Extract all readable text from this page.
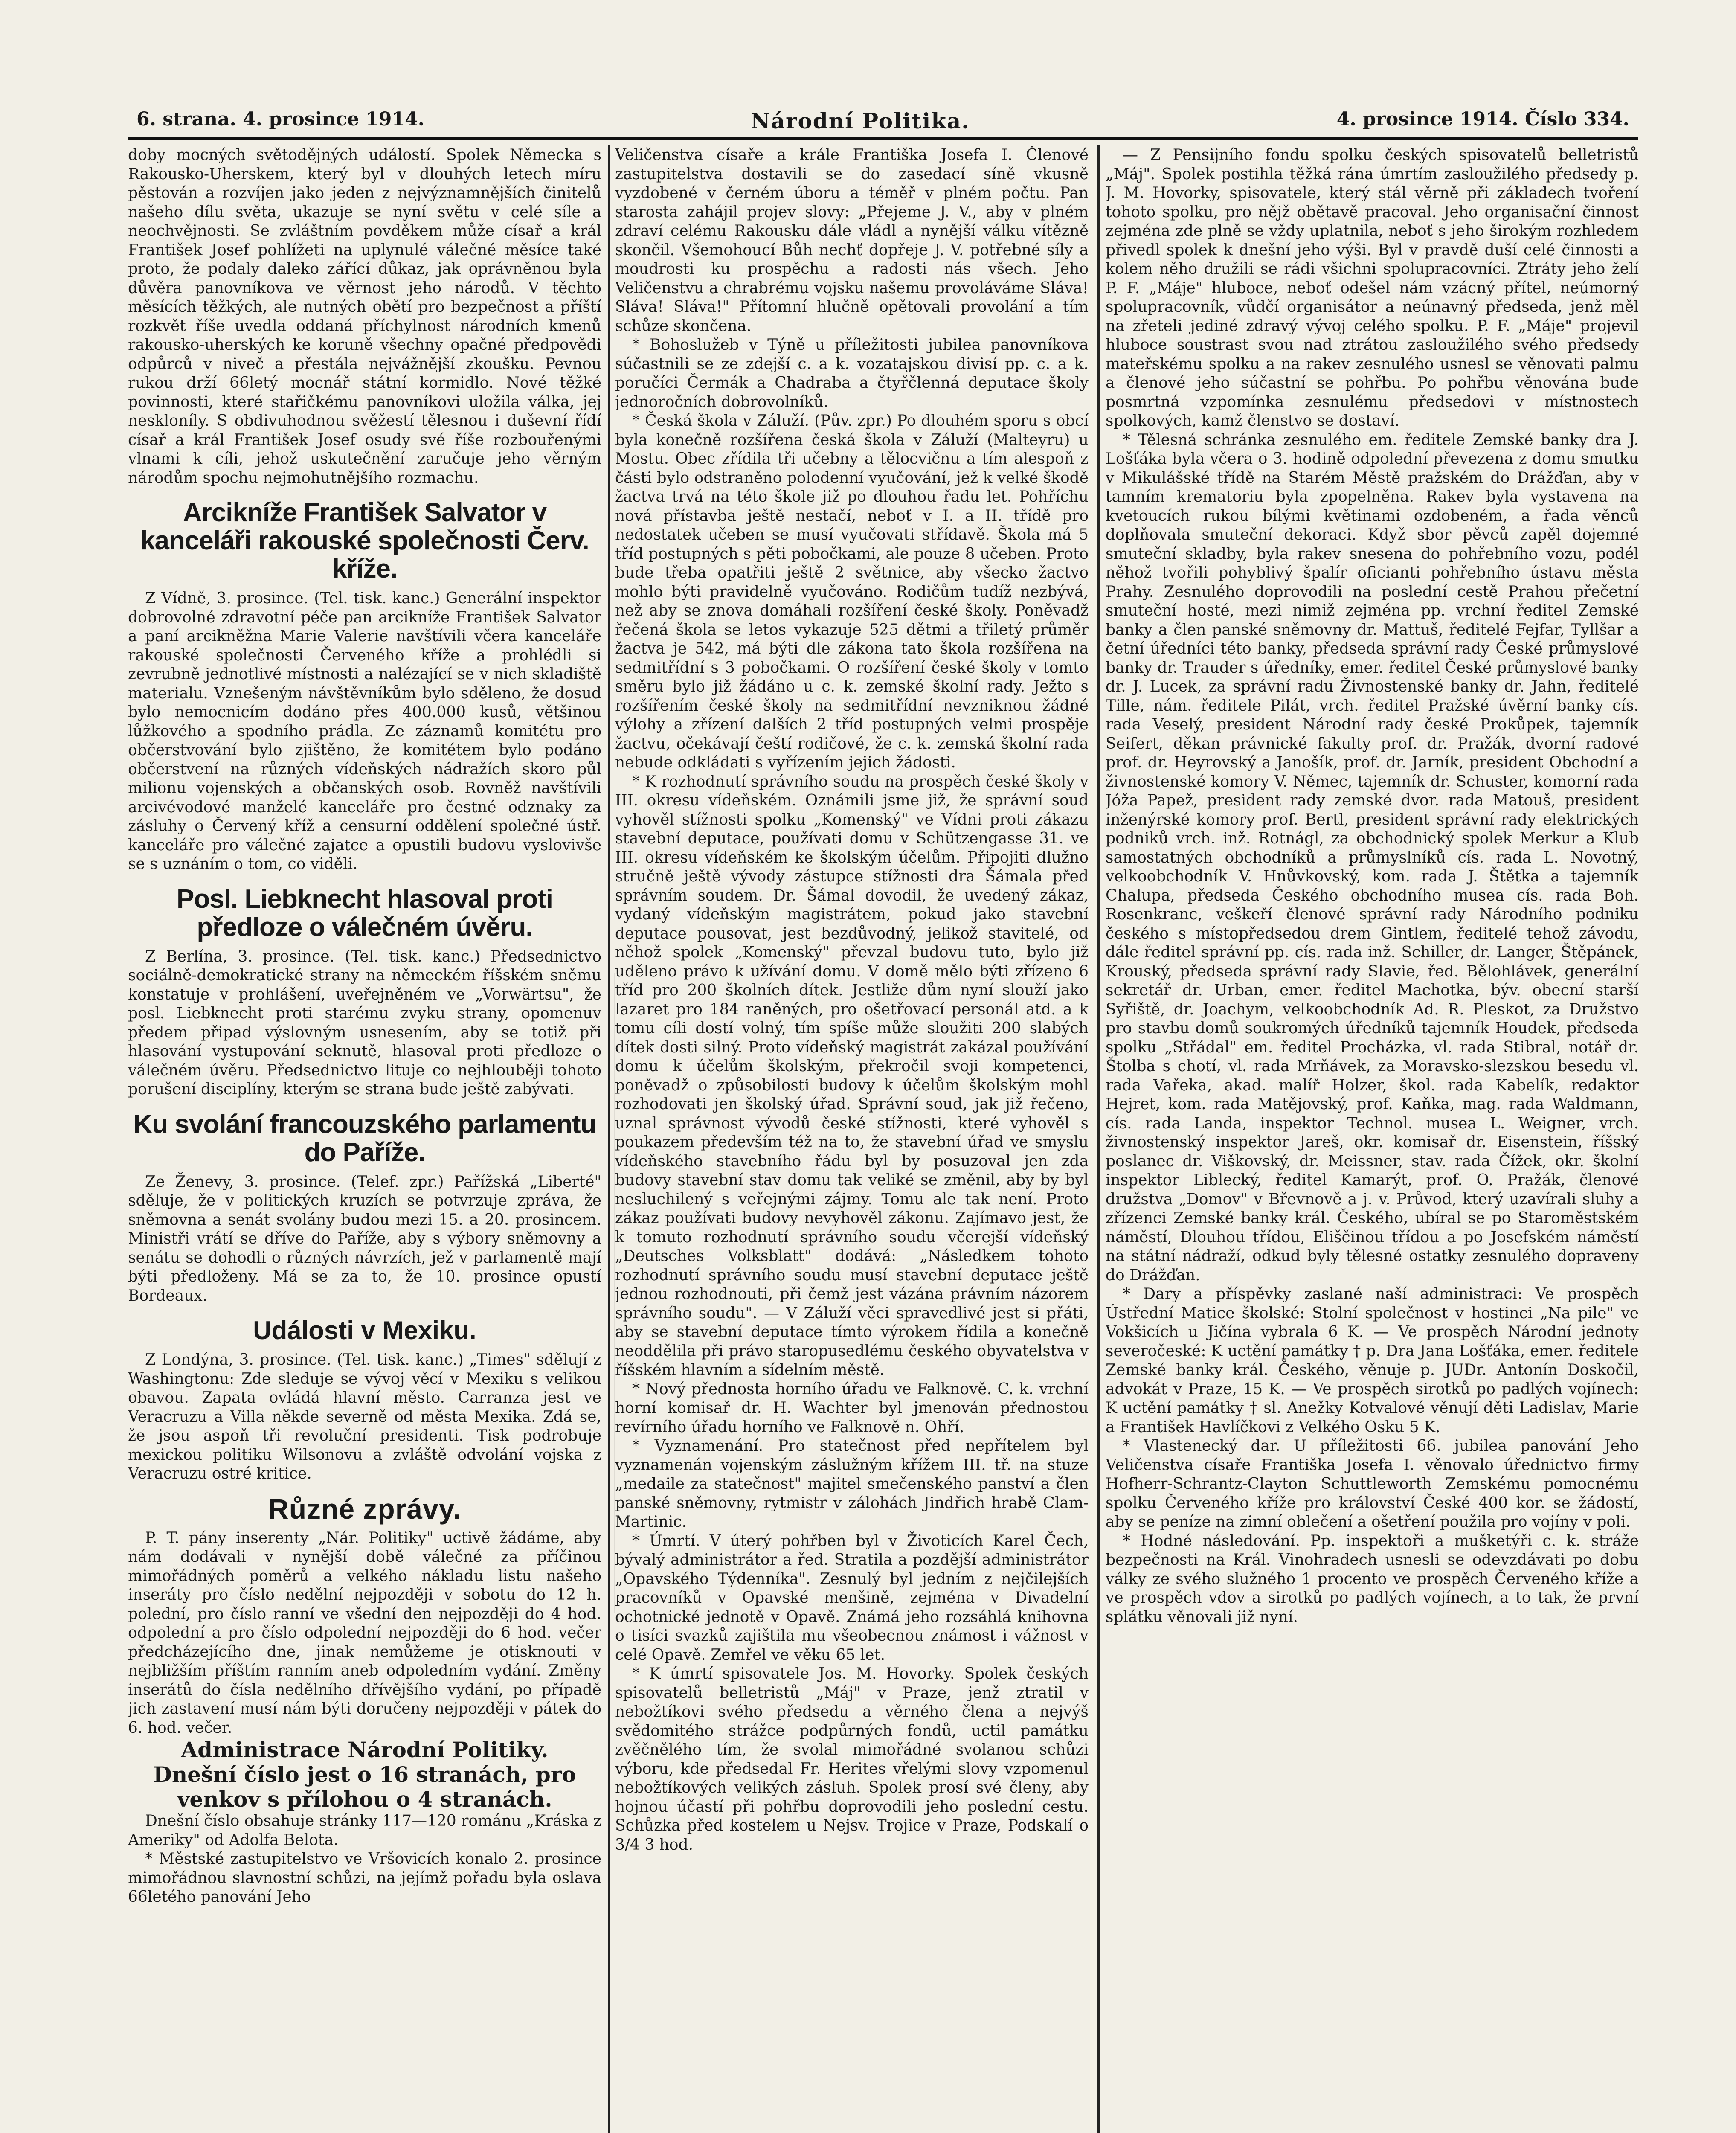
6. strana. 4. prosince 1914.	Národní Politika.	4. prosince 1914. Číslo 334.

doby mocných světodějných událostí. Spolek Německa s Rakousko-Uherskem, který byl v dlouhých letech míru pěstován a rozvíjen jako jeden z nejvýznamnějších činitelů našeho dílu světa, ukazuje se nyní světu v celé síle a neochvějnosti. Se zvláštním povděkem může císař a král František Josef pohlížeti na uplynulé válečné měsíce také proto, že podaly daleko zářící důkaz, jak oprávněnou byla důvěra panovníkova ve věrnost jeho národů. V těchto měsících těžkých, ale nutných obětí pro bezpečnost a příští rozkvět říše uvedla oddaná příchylnost národních kmenů rakousko-uherských ke koruně všechny opačné předpovědi odpůrců v niveč a přestála nejvážnější zkoušku. Pevnou rukou drží 66letý mocnář státní kormidlo. Nové těžké povinnosti, které stařičkému panovníkovi uložila válka, jej neskloníly. S obdivuhodnou svěžestí tělesnou i duševní řídí císař a král František Josef osudy své říše rozbouřenými vlnami k cíli, jehož uskutečnění zaručuje jeho věrným národům spochu nejmohutnějšího rozmachu.

Arcikníže František Salvator v kanceláři rakouské společnosti Červ. kříže.

Z Vídně, 3. prosince. (Tel. tisk. kanc.) Generální inspektor dobrovolné zdravotní péče pan arcikníže František Salvator a paní arcikněžna Marie Valerie navštívili včera kanceláře rakouské společnosti Červeného kříže a prohlédli si zevrubně jednotlivé místnosti a nalézající se v nich skladiště materialu. Vznešeným návštěvníkům bylo sděleno, že dosud bylo nemocnicím dodáno přes 400.000 kusů, většinou lůžkového a spodního prádla. Ze záznamů komitétu pro občerstvování bylo zjištěno, že komitétem bylo podáno občerstvení na různých vídeňských nádražích skoro půl milionu vojenských a občanských osob. Rovněž navštívili arcivévodové manželé kanceláře pro čestné odznaky za zásluhy o Červený kříž a censurní oddělení společné ústř. kanceláře pro válečné zajatce a opustili budovu vyslovivše se s uznáním o tom, co viděli.

Posl. Liebknecht hlasoval proti předloze o válečném úvěru.

Z Berlína, 3. prosince. (Tel. tisk. kanc.) Předsednictvo sociálně-demokratické strany na německém říšském sněmu konstatuje v prohlášení, uveřejněném ve „Vorwärtsu", že posl. Liebknecht proti starému zvyku strany, opomenuv předem připad výslovným usnesením, aby se totiž při hlasování vystupování seknutě, hlasoval proti předloze o válečném úvěru. Předsednictvo lituje co nejhlouběji tohoto porušení disciplíny, kterým se strana bude ještě zabývati.

Ku svolání francouzského parlamentu do Paříže.

Ze Ženevy, 3. prosince. (Telef. zpr.) Pařížská „Liberté" sděluje, že v politických kruzích se potvrzuje zpráva, že sněmovna a senát svolány budou mezi 15. a 20. prosincem. Ministři vrátí se dříve do Paříže, aby s výbory sněmovny a senátu se dohodli o různých návrzích, jež v parlamentě mají býti předloženy. Má se za to, že 10. prosince opustí Bordeaux.

Události v Mexiku.

Z Londýna, 3. prosince. (Tel. tisk. kanc.) „Times" sdělují z Washingtonu: Zde sleduje se vývoj věcí v Mexiku s velikou obavou. Zapata ovládá hlavní město. Carranza jest ve Veracruzu a Villa někde severně od města Mexika. Zdá se, že jsou aspoň tři revoluční presidenti. Tisk podrobuje mexickou politiku Wilsonovu a zvláště odvolání vojska z Veracruzu ostré kritice.

Různé zprávy.

P. T. pány inserenty „Nár. Politiky" uctivě žádáme, aby nám dodávali v nynější době válečné za příčinou mimořádných poměrů a velkého nákladu listu našeho inseráty pro číslo nedělní nejpozději v sobotu do 12 h. polední, pro číslo ranní ve všední den nejpozději do 4 hod. odpolední a pro číslo odpolední nejpozději do 6 hod. večer předcházejícího dne, jinak nemůžeme je otisknouti v nejbližším příštím ranním aneb odpoledním vydání. Změny inserátů do čísla nedělního dřívějšího vydání, po případě jich zastavení musí nám býti doručeny nejpozději v pátek do 6. hod. večer.

Administrace Národní Politiky.

Dnešní číslo jest o 16 stranách, pro venkov s přílohou o 4 stranách.

Dnešní číslo obsahuje stránky 117—120 románu „Kráska z Ameriky" od Adolfa Belota.

* Městské zastupitelstvo ve Vršovicích konalo 2. prosince mimořádnou slavnostní schůzi, na jejímž pořadu byla oslava 66letého panování Jeho

Veličenstva císaře a krále Františka Josefa I. Členové zastupitelstva dostavili se do zasedací síně vkusně vyzdobené v černém úboru a téměř v plném počtu. Pan starosta zahájil projev slovy: „Přejeme J. V., aby v plném zdraví celému Rakousku dále vládl a nynější válku vítězně skončil. Všemohoucí Bůh nechť dopřeje J. V. potřebné síly a moudrosti ku prospěchu a radosti nás všech. Jeho Veličenstvu a chrabrému vojsku našemu provoláváme Sláva! Sláva! Sláva!" Přítomní hlučně opětovali provolání a tím schůze skončena.

* Bohoslužeb v Týně u příležitosti jubilea panovníkova súčastnili se ze zdejší c. a k. vozatajskou divisí pp. c. a k. poručíci Čermák a Chadraba a čtyřčlenná deputace školy jednoročních dobrovolníků.

* Česká škola v Záluží. (Pův. zpr.) Po dlouhém sporu s obcí byla konečně rozšířena česká škola v Záluží (Malteyru) u Mostu. Obec zřídila tři učebny a tělocvičnu a tím alespoň z části bylo odstraněno polodenní vyučování, jež k velké škodě žactva trvá na této škole již po dlouhou řadu let. Pohříchu nová přístavba ještě nestačí, neboť v I. a II. třídě pro nedostatek učeben se musí vyučovati střídavě. Škola má 5 tříd postupných s pěti pobočkami, ale pouze 8 učeben. Proto bude třeba opatřiti ještě 2 světnice, aby všecko žactvo mohlo býti pravidelně vyučováno. Rodičům tudíž nezbývá, než aby se znova domáhali rozšíření české školy. Poněvadž řečená škola se letos vykazuje 525 dětmi a třiletý průměr žactva je 542, má býti dle zákona tato škola rozšířena na sedmitřídní s 3 pobočkami. O rozšíření české školy v tomto směru bylo již žádáno u c. k. zemské školní rady. Ježto s rozšířením české školy na sedmitřídní nevzniknou žádné výlohy a zřízení dalších 2 tříd postupných velmi prospěje žactvu, očekávají čeští rodičové, že c. k. zemská školní rada nebude odkládati s vyřízením jejich žádosti.

* K rozhodnutí správního soudu na prospěch české školy v III. okresu vídeňském. Oznámili jsme již, že správní soud vyhověl stížnosti spolku „Komenský" ve Vídni proti zákazu stavební deputace, používati domu v Schützengasse 31. ve III. okresu vídeňském ke školským účelům. Připojiti dlužno stručně ještě vývody zástupce stížnosti dra Šámala před správním soudem. Dr. Šámal dovodil, že uvedený zákaz, vydaný vídeňským magistrátem, pokud jako stavební deputace pousovat, jest bezdůvodný, jelikož stavitelé, od něhož spolek „Komenský" převzal budovu tuto, bylo již uděleno právo k užívání domu. V domě mělo býti zřízeno 6 tříd pro 200 školních dítek. Jestliže dům nyní slouží jako lazaret pro 184 raněných, pro ošetřovací personál atd. a k tomu cíli dostí volný, tím spíše může sloužiti 200 slabých dítek dosti silný. Proto vídeňský magistrát zakázal používání domu k účelům školským, překročil svoji kompetenci, poněvadž o způsobilosti budovy k účelům školským mohl rozhodovati jen školský úřad. Správní soud, jak již řečeno, uznal správnost vývodů české stížnosti, které vyhověl s poukazem především též na to, že stavební úřad ve smyslu vídeňského stavebního řádu byl by posuzoval jen zda budovy stavební stav domu tak veliké se změnil, aby by byl nesluchilený s veřejnými zájmy. Tomu ale tak není. Proto zákaz používati budovy nevyhověl zákonu. Zajímavo jest, že k tomuto rozhodnutí správního soudu včerejší vídeňský „Deutsches Volksblatt" dodává: „Následkem tohoto rozhodnutí správního soudu musí stavební deputace ještě jednou rozhodnouti, při čemž jest vázána právním názorem správního soudu". — V Záluží věci spravedlivé jest si přáti, aby se stavební deputace tímto výrokem řídila a konečně neoddělila při právo staropusedlému českého obyvatelstva v říšském hlavním a sídelním městě.

* Nový přednosta horního úřadu ve Falknově. C. k. vrchní horní komisař dr. H. Wachter byl jmenován přednostou revírního úřadu horního ve Falknově n. Ohří.

* Vyznamenání. Pro statečnost před nepřítelem byl vyznamenán vojenským záslužným křížem III. tř. na stuze „medaile za statečnost" majitel smečenského panství a člen panské sněmovny, rytmistr v zálohách Jindřich hrabě Clam-Martinic.

* Úmrtí. V úterý pohřben byl v Životicích Karel Čech, bývalý administrátor a řed. Stratila a pozdější administrátor „Opavského Týdenníka". Zesnulý byl jedním z nejčilejších pracovníků v Opavské menšině, zejména v Divadelní ochotnické jednotě v Opavě. Známá jeho rozsáhlá knihovna o tisíci svazků zajištila mu všeobecnou známost i vážnost v celé Opavě. Zemřel ve věku 65 let.

* K úmrtí spisovatele Jos. M. Hovorky. Spolek českých spisovatelů belletristů „Máj" v Praze, jenž ztratil v nebožtíkovi svého předsedu a věrného člena a nejvýš svědomitého strážce podpůrných fondů, uctil památku zvěčnělého tím, že svolal mimořádné svolanou schůzi výboru, kde předsedal Fr. Herites vřelými slovy vzpomenul nebožtíkových velikých zásluh. Spolek prosí své členy, aby hojnou účastí při pohřbu doprovodili jeho poslední cestu. Schůzka před kostelem u Nejsv. Trojice v Praze, Podskalí o 3/4 3 hod.

— Z Pensijního fondu spolku českých spisovatelů belletristů „Máj". Spolek postihla těžká rána úmrtím zasloužilého předsedy p. J. M. Hovorky, spisovatele, který stál věrně při základech tvoření tohoto spolku, pro nějž obětavě pracoval. Jeho organisační činnost zejména zde plně se vždy uplatnila, neboť s jeho širokým rozhledem přivedl spolek k dnešní jeho výši. Byl v pravdě duší celé činnosti a kolem něho družili se rádi všichni spolupracovníci. Ztráty jeho želí P. F. „Máje" hluboce, neboť odešel nám vzácný přítel, neúmorný spolupracovník, vůdčí organisátor a neúnavný předseda, jenž měl na zřeteli jediné zdravý vývoj celého spolku. P. F. „Máje" projevil hluboce soustrast svou nad ztrátou zasloužilého svého předsedy mateřskému spolku a na rakev zesnulého usnesl se věnovati palmu a členové jeho súčastní se pohřbu. Po pohřbu věnována bude posmrtná vzpomínka zesnulému předsedovi v místnostech spolkových, kamž členstvo se dostaví.

* Tělesná schránka zesnulého em. ředitele Zemské banky dra J. Lošťáka byla včera o 3. hodině odpolední převezena z domu smutku v Mikulášské třídě na Starém Městě pražském do Drážďan, aby v tamním krematoriu byla zpopelněna. Rakev byla vystavena na kvetoucích rukou bílými květinami ozdobeném, a řada věnců doplňovala smuteční dekoraci. Když sbor pěvců zapěl dojemné smuteční skladby, byla rakev snesena do pohřebního vozu, podél něhož tvořili pohyblivý špalír oficianti pohřebního ústavu města Prahy. Zesnulého doprovodili na poslední cestě Prahou přečetní smuteční hosté, mezi nimiž zejména pp. vrchní ředitel Zemské banky a člen panské sněmovny dr. Mattuš, ředitelé Fejfar, Tyllšar a četní úředníci této banky, předseda správní rady České průmyslové banky dr. Trauder s úředníky, emer. ředitel České průmyslové banky dr. J. Lucek, za správní radu Živnostenské banky dr. Jahn, ředitelé Tille, nám. ředitele Pilát, vrch. ředitel Pražské úvěrní banky cís. rada Veselý, president Národní rady české Prokůpek, tajemník Seifert, děkan právnické fakulty prof. dr. Pražák, dvorní radové prof. dr. Heyrovský a Janošík, prof. dr. Jarník, president Obchodní a živnostenské komory V. Němec, tajemník dr. Schuster, komorní rada Jóža Papež, president rady zemské dvor. rada Matouš, president inženýrské komory prof. Bertl, president správní rady elektrických podniků vrch. inž. Rotnágl, za obchodnický spolek Merkur a Klub samostatných obchodníků a průmyslníků cís. rada L. Novotný, velkoobchodník V. Hnůvkovský, kom. rada J. Štětka a tajemník Chalupa, předseda Českého obchodního musea cís. rada Boh. Rosenkranc, veškeří členové správní rady Národního podniku českého s místopředsedou drem Gintlem, ředitelé tehož závodu, dále ředitel správní pp. cís. rada inž. Schiller, dr. Langer, Štěpánek, Krouský, předseda správní rady Slavie, řed. Bělohlávek, generální sekretář dr. Urban, emer. ředitel Machotka, býv. obecní starší Syřiště, dr. Joachym, velkoobchodník Ad. R. Pleskot, za Družstvo pro stavbu domů soukromých úředníků tajemník Houdek, předseda spolku „Střádal" em. ředitel Procházka, vl. rada Stibral, notář dr. Štolba s chotí, vl. rada Mrňávek, za Moravsko-slezskou besedu vl. rada Vařeka, akad. malíř Holzer, škol. rada Kabelík, redaktor Hejret, kom. rada Matějovský, prof. Kaňka, mag. rada Waldmann, cís. rada Landa, inspektor Technol. musea L. Weigner, vrch. živnostenský inspektor Jareš, okr. komisař dr. Eisenstein, říšský poslanec dr. Viškovský, dr. Meissner, stav. rada Čížek, okr. školní inspektor Liblecký, ředitel Kamarýt, prof. O. Pražák, členové družstva „Domov" v Břevnově a j. v. Průvod, který uzavírali sluhy a zřízenci Zemské banky král. Českého, ubíral se po Staroměstském náměstí, Dlouhou třídou, Eliščinou třídou a po Josefském náměstí na státní nádraží, odkud byly tělesné ostatky zesnulého dopraveny do Drážďan.

* Dary a příspěvky zaslané naší administraci: Ve prospěch Ústřední Matice školské: Stolní společnost v hostinci „Na pile" ve Vokšicích u Jičína vybrala 6 K. — Ve prospěch Národní jednoty severočeské: K uctění památky † p. Dra Jana Lošťáka, emer. ředitele Zemské banky král. Českého, věnuje p. JUDr. Antonín Doskočil, advokát v Praze, 15 K. — Ve prospěch sirotků po padlých vojínech: K uctění památky † sl. Anežky Kotvalové věnují děti Ladislav, Marie a František Havlíčkovi z Velkého Osku 5 K.

* Vlastenecký dar. U příležitosti 66. jubilea panování Jeho Veličenstva císaře Františka Josefa I. věnovalo úřednictvo firmy Hofherr-Schrantz-Clayton Schuttleworth Zemskému pomocnému spolku Červeného kříže pro království České 400 kor. se žádostí, aby se peníze na zimní oblečení a ošetření použila pro vojíny v poli.

* Hodné následování. Pp. inspektoři a mušketýři c. k. stráže bezpečnosti na Král. Vinohradech usnesli se odevzdávati po dobu války ze svého služného 1 procento ve prospěch Červeného kříže a ve prospěch vdov a sirotků po padlých vojínech, a to tak, že první splátku věnovali již nyní.
